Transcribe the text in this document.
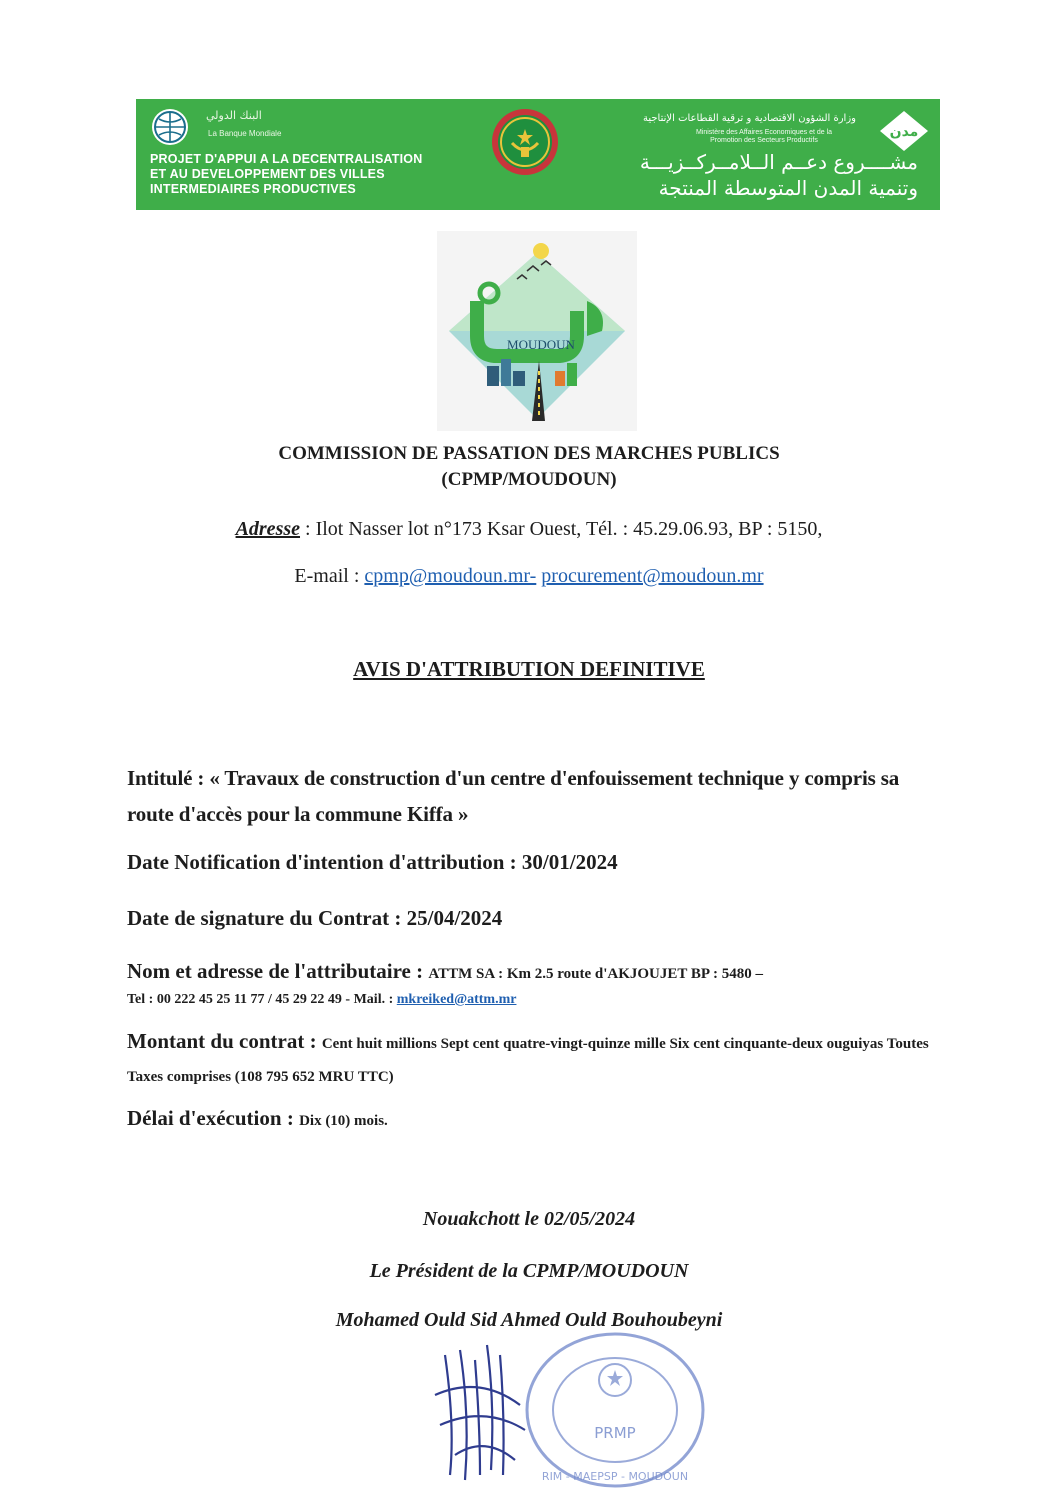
البنك الدولي
La Banque Mondiale
PROJET D'APPUI A LA DECENTRALISATION
ET AU DEVELOPPEMENT DES VILLES
INTERMEDIAIRES PRODUCTIVES
وزارة الشؤون الاقتصادية و ترقية القطاعات الإنتاجية
Ministère des Affaires Economiques et de la
Promotion des Secteurs Productifs
مشــــروع دعــم الــلامــركــزيـــة
وتنمية المدن المتوسطة المنتجة
مدن
MOUDOUN
COMMISSION DE PASSATION DES MARCHES PUBLICS
(CPMP/MOUDOUN)
Adresse : Ilot Nasser lot n°173 Ksar Ouest, Tél. : 45.29.06.93, BP : 5150,
E-mail : cpmp@moudoun.mr- procurement@moudoun.mr
AVIS D'ATTRIBUTION DEFINITIVE
Intitulé : « Travaux de construction d'un centre d'enfouissement technique y compris sa route d'accès pour la commune Kiffa »
Date Notification d'intention d'attribution : 30/01/2024
Date de signature du Contrat : 25/04/2024
Nom et adresse de l'attributaire : ATTM SA : Km 2.5 route d'AKJOUJET BP : 5480 –
Tel : 00 222 45 25 11 77 / 45 29 22 49 - Mail. : mkreiked@attm.mr
Montant du contrat : Cent huit millions Sept cent quatre-vingt-quinze mille Six cent cinquante-deux ouguiyas Toutes Taxes comprises (108 795 652 MRU TTC)
Délai d'exécution : Dix (10) mois.
Nouakchott le 02/05/2024
Le Président de la CPMP/MOUDOUN
Mohamed Ould Sid Ahmed Ould Bouhoubeyni
PRMP
RIM - MAEPSP - MOUDOUN
